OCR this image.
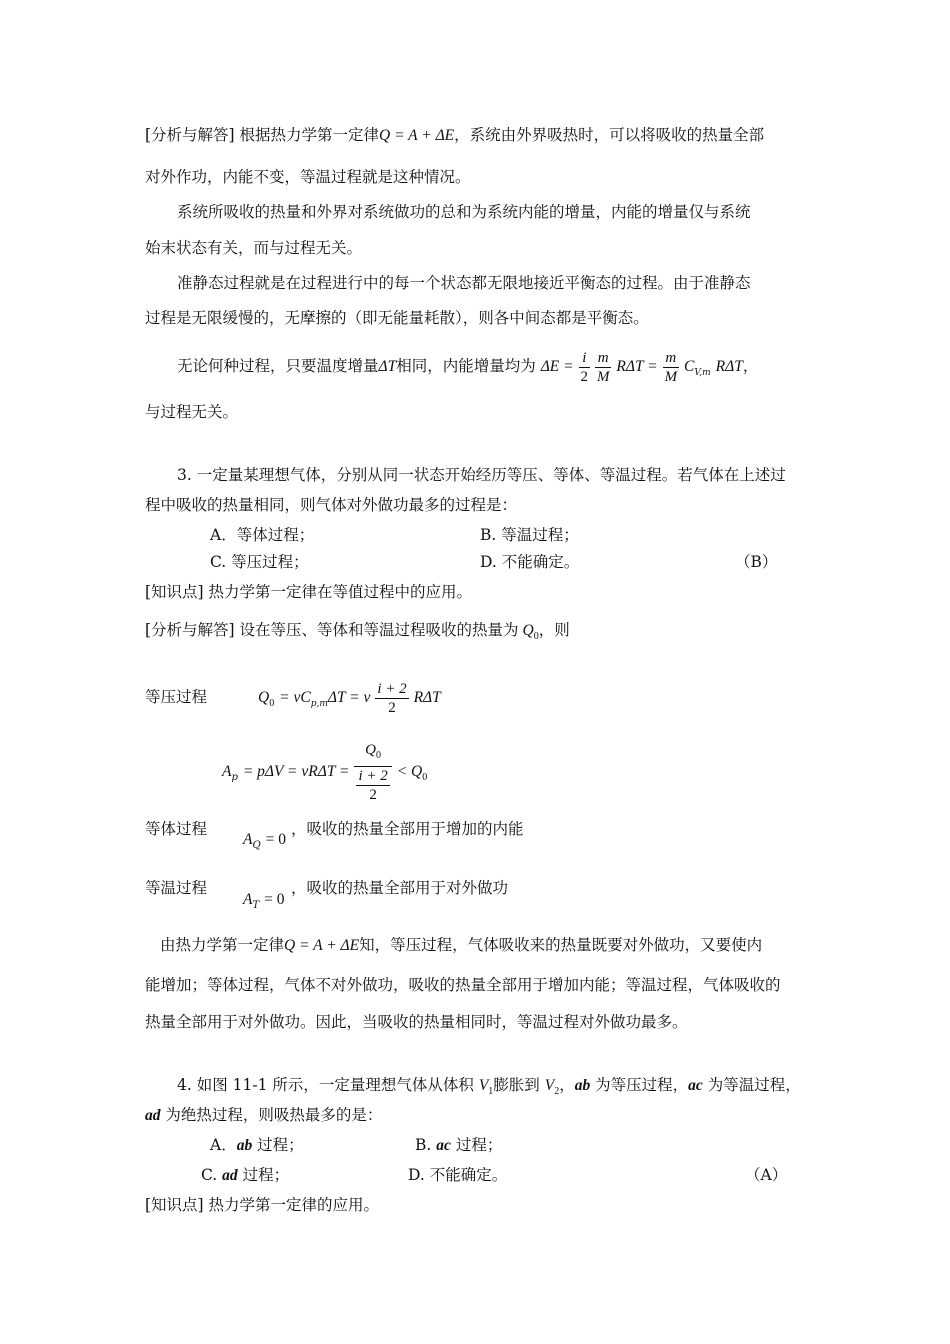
[分析与解答] 根据热力学第一定律Q = A + ΔE，系统由外界吸热时，可以将吸收的热量全部
对外作功，内能不变，等温过程就是这种情况。
系统所吸收的热量和外界对系统做功的总和为系统内能的增量，内能的增量仅与系统
始末状态有关，而与过程无关。
准静态过程就是在过程进行中的每一个状态都无限地接近平衡态的过程。由于准静态
过程是无限缓慢的，无摩擦的（即无能量耗散），则各中间态都是平衡态。
无论何种过程，只要温度增量ΔT相同，内能增量均为 $\Delta E = \frac{i}{2}$
$\frac{m}{M}$ $R\Delta T = \frac{m}{M} C_{V,m}$ RΔT，
与过程无关。
3. 一定量某理想气体，分别从同一状态开始经历等压、等体、等温过程。若气体在上述过
程中吸收的热量相同，则气体对外做功最多的过程是：
A．等体过程；	B. 等温过程；
C. 等压过程；	D. 不能确定。	（B）
[知识点] 热力学第一定律在等值过程中的应用。
[分析与解答] 设在等压、等体和等温过程吸收的热量为 $Q_0$，则
等压过程	$Q_0 = \nu C_{p,m}\Delta T = \nu \frac{i + 2}{2}$ RΔT
$A_p = p\Delta V = \nu R\Delta T = \frac{Q_0}{\frac{i + 2}{2}} < Q_0$
等体过程
$A_Q = 0$
，吸收的热量全部用于增加的内能
等温过程
$A_T = 0$
，吸收的热量全部用于对外做功
由热力学第一定律Q = A + ΔE知，等压过程，气体吸收来的热量既要对外做功，又要使内
能增加；等体过程，气体不对外做功，吸收的热量全部用于增加内能；等温过程，气体吸收的
热量全部用于对外做功。因此，当吸收的热量相同时，等温过程对外做功最多。
4. 如图 11-1 所示，一定量理想气体从体积 $V_1$膨胀到 $V_2$，ab 为等压过程，ac 为等温过程，
ad 为绝热过程，则吸热最多的是：
A．ab 过程；	B. ac 过程；
C. ad 过程；	D. 不能确定。	（A）
[知识点] 热力学第一定律的应用。
